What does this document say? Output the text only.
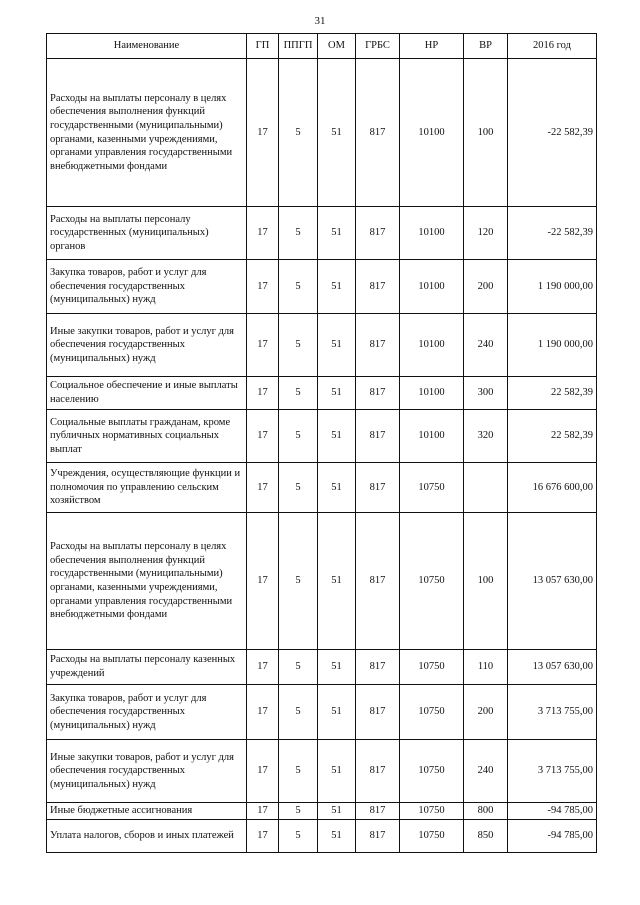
31
Наименование	ГП	ППГП	ОМ	ГРБС	НР	ВР	2016 год
Расходы на выплаты персоналу в целях обеспечения выполнения функций государственными (муниципальными) органами, казенными учреждениями, органами управления государственными внебюджетными фондами	17	5	51	817	10100	100	-22 582,39
Расходы на выплаты персоналу государственных (муниципальных) органов	17	5	51	817	10100	120	-22 582,39
Закупка товаров, работ и услуг для обеспечения государственных (муниципальных) нужд	17	5	51	817	10100	200	1 190 000,00
Иные закупки товаров, работ и услуг для обеспечения государственных (муниципальных) нужд	17	5	51	817	10100	240	1 190 000,00
Социальное обеспечение и иные выплаты населению	17	5	51	817	10100	300	22 582,39
Социальные выплаты гражданам, кроме публичных нормативных социальных выплат	17	5	51	817	10100	320	22 582,39
Учреждения, осуществляющие функции и полномочия по управлению сельским хозяйством	17	5	51	817	10750		16 676 600,00
Расходы на выплаты персоналу в целях обеспечения выполнения функций государственными (муниципальными) органами, казенными учреждениями, органами управления государственными внебюджетными фондами	17	5	51	817	10750	100	13 057 630,00
Расходы на выплаты персоналу казенных учреждений	17	5	51	817	10750	110	13 057 630,00
Закупка товаров, работ и услуг для обеспечения государственных (муниципальных) нужд	17	5	51	817	10750	200	3 713 755,00
Иные закупки товаров, работ и услуг для обеспечения государственных (муниципальных) нужд	17	5	51	817	10750	240	3 713 755,00
Иные бюджетные ассигнования	17	5	51	817	10750	800	-94 785,00
Уплата налогов, сборов и иных платежей	17	5	51	817	10750	850	-94 785,00
